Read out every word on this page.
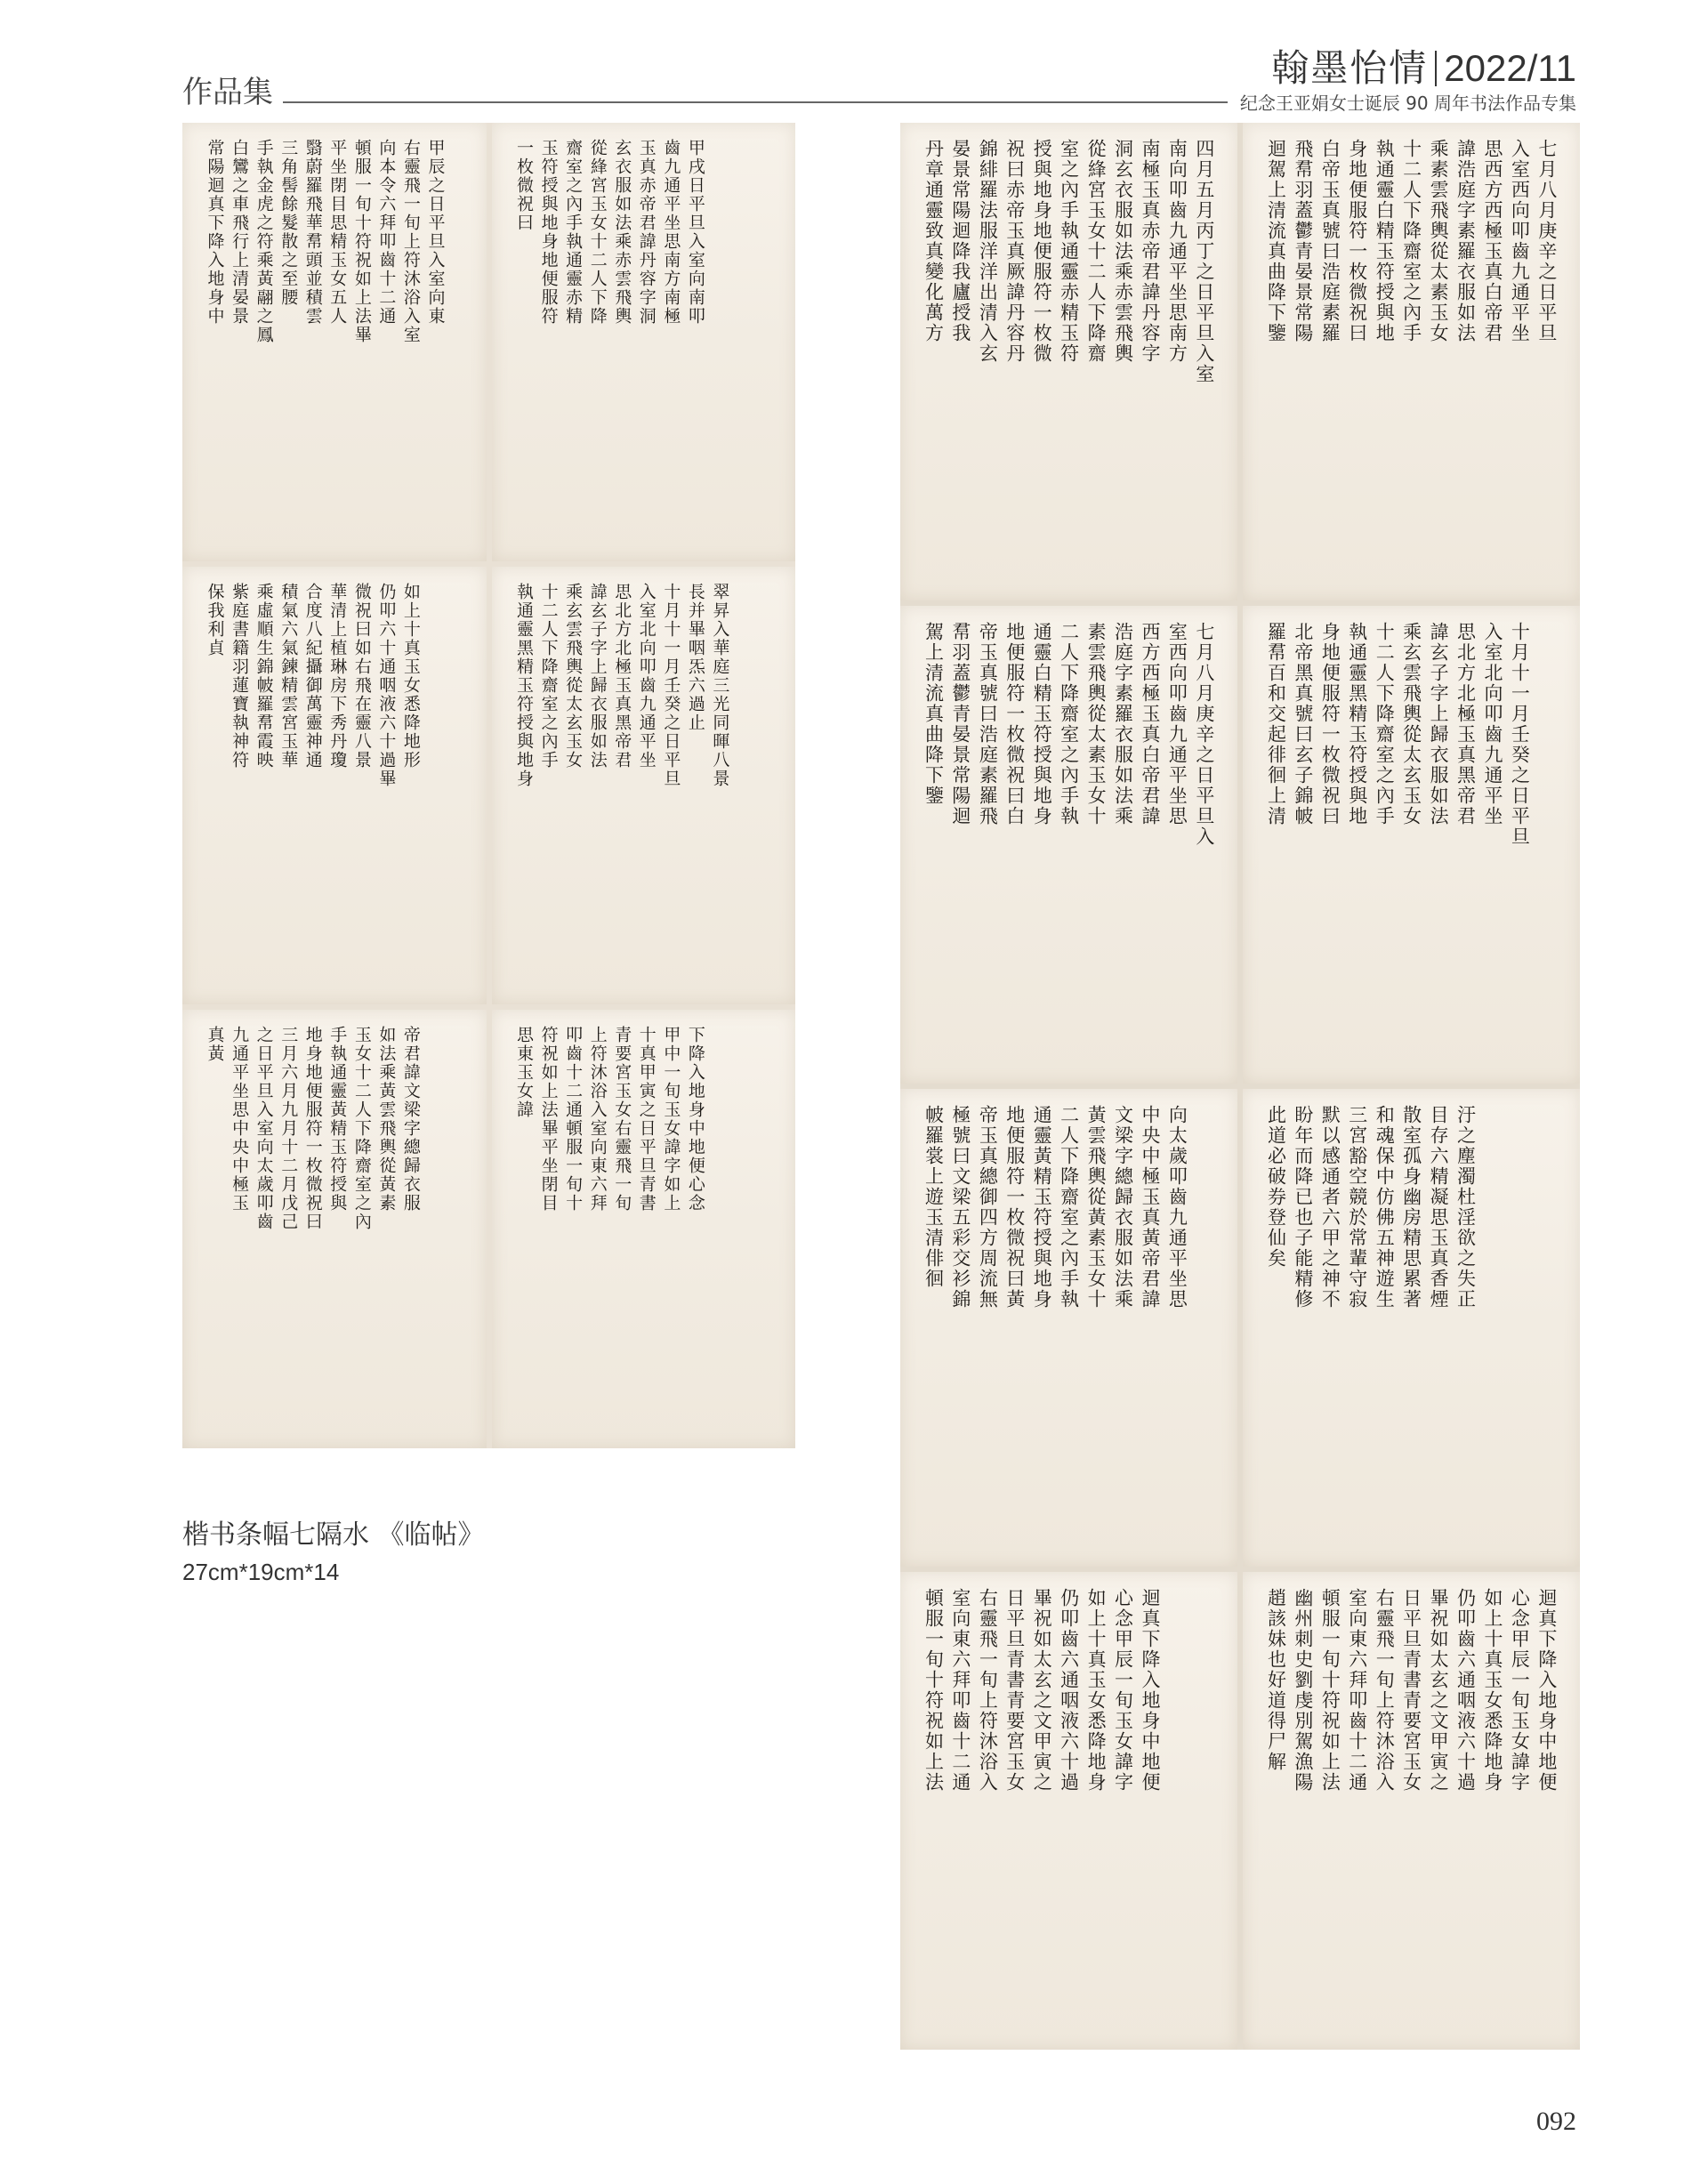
作品集
翰墨怡情 2022/11
纪念王亚娟女士诞辰 90 周年书法作品专集
甲辰之日平旦入室向東
右靈飛一旬上符沐浴入室
向本令六拜叩齒十二通
頓服一旬十符祝如上法畢
平坐閉目思精玉女五人
翳蔚羅飛華帬頭並積雲
三角髻餘髮散之至腰
手執金虎之符乘黃翮之鳳
白鸞之車飛行上清晏景
常陽迴真下降入地身中	甲戌日平旦入室向南叩
齒九通平坐思南方南極
玉真赤帝君諱丹容字洞
玄衣服如法乘赤雲飛輿
從綘宮玉女十二人下降
齋室之內手執通靈赤精
玉符授與地身地便服符
一枚微祝曰
如上十真玉女悉降地形
仍叩六十通咽液六十過畢
微祝曰如右飛在靈八景
華清上植琳房下秀丹瓊
合度八紀攝御萬靈神通
積氣六氣鍊精雲宮玉華
乘虛順生錦帔羅帬霞映
紫庭書籍羽蓮寶執神符
保我利貞	翠昇入華庭三光同暉八景
長并畢咽炁六過止
十月十一月壬癸之日平旦
入室北向叩齒九通平坐
思北方北極玉真黑帝君
諱玄子字上歸衣服如法
乘玄雲飛輿從太玄玉女
十二人下降齋室之內手
執通靈黑精玉符授與地身
帝君諱文梁字總歸衣服
如法乘黃雲飛輿從黃素
玉女十二人下降齋室之內
手執通靈黃精玉符授與
地身地便服符一枚微祝曰
三月六月九月十二月戊己
之日平旦入室向太歲叩齒
九通平坐思中央中極玉
真黃	下降入地身中地便心念
甲中一旬玉女諱字如上
十真甲寅之日平旦青書
青要宮玉女右靈飛一旬
上符沐浴入室向東六拜
叩齒十二通頓服一旬十
符祝如上法畢平坐閉目
思東玉女諱
四月五月丙丁之日平旦入室
南向叩齒九通平坐思南方
南極玉真赤帝君諱丹容字
洞玄衣服如法乘赤雲飛輿
從綘宮玉女十二人下降齋
室之內手執通靈赤精玉符
授與地身地便服符一枚微
祝曰赤帝玉真厥諱丹容丹
錦緋羅法服洋洋出清入玄
晏景常陽迴降我廬授我
丹章通靈致真變化萬方	七月八月庚辛之日平旦
入室西向叩齒九通平坐
思西方西極玉真白帝君
諱浩庭字素羅衣服如法
乘素雲飛輿從太素玉女
十二人下降齋室之內手
執通靈白精玉符授與地
身地便服符一枚微祝曰
白帝玉真號曰浩庭素羅
飛帬羽蓋鬱青晏景常陽
迴駕上清流真曲降下鑒
七月八月庚辛之日平旦入
室西向叩齒九通平坐思
西方西極玉真白帝君諱
浩庭字素羅衣服如法乘
素雲飛輿從太素玉女十
二人下降齋室之內手執
通靈白精玉符授與地身
地便服符一枚微祝曰白
帝玉真號曰浩庭素羅飛
帬羽蓋鬱青晏景常陽迴
駕上清流真曲降下鑒	十月十一月壬癸之日平旦
入室北向叩齒九通平坐
思北方北極玉真黑帝君
諱玄子字上歸衣服如法
乘玄雲飛輿從太玄玉女
十二人下降齋室之內手
執通靈黑精玉符授與地
身地便服符一枚微祝曰
北帝黑真號曰玄子錦帔
羅帬百和交起徘徊上清
向太歲叩齒九通平坐思
中央中極玉真黃帝君諱
文梁字總歸衣服如法乘
黃雲飛輿從黃素玉女十
二人下降齋室之內手執
通靈黃精玉符授與地身
地便服符一枚微祝曰黃
帝玉真總御四方周流無
極號曰文梁五彩交衫錦
帔羅裳上遊玉清俳徊	汙之塵濁杜淫欲之失正
目存六精凝思玉真香煙
散室孤身幽房精思累著
和魂保中仿佛五神遊生
三宮豁空競於常輩守寂
默以感通者六甲之神不
盼年而降已也子能精修
此道必破券登仙矣
迴真下降入地身中地便
心念甲辰一旬玉女諱字
如上十真玉女悉降地身
仍叩齒六通咽液六十過
畢祝如太玄之文甲寅之
日平旦青書青要宮玉女
右靈飛一旬上符沐浴入
室向東六拜叩齒十二通
頓服一旬十符祝如上法	迴真下降入地身中地便
心念甲辰一旬玉女諱字
如上十真玉女悉降地身
仍叩齒六通咽液六十過
畢祝如太玄之文甲寅之
日平旦青書青要宮玉女
右靈飛一旬上符沐浴入
室向東六拜叩齒十二通
頓服一旬十符祝如上法
幽州刺史劉虔別駕漁陽
趙該妹也好道得尸解
楷书条幅七隔水 《临帖》
27cm*19cm*14
092
